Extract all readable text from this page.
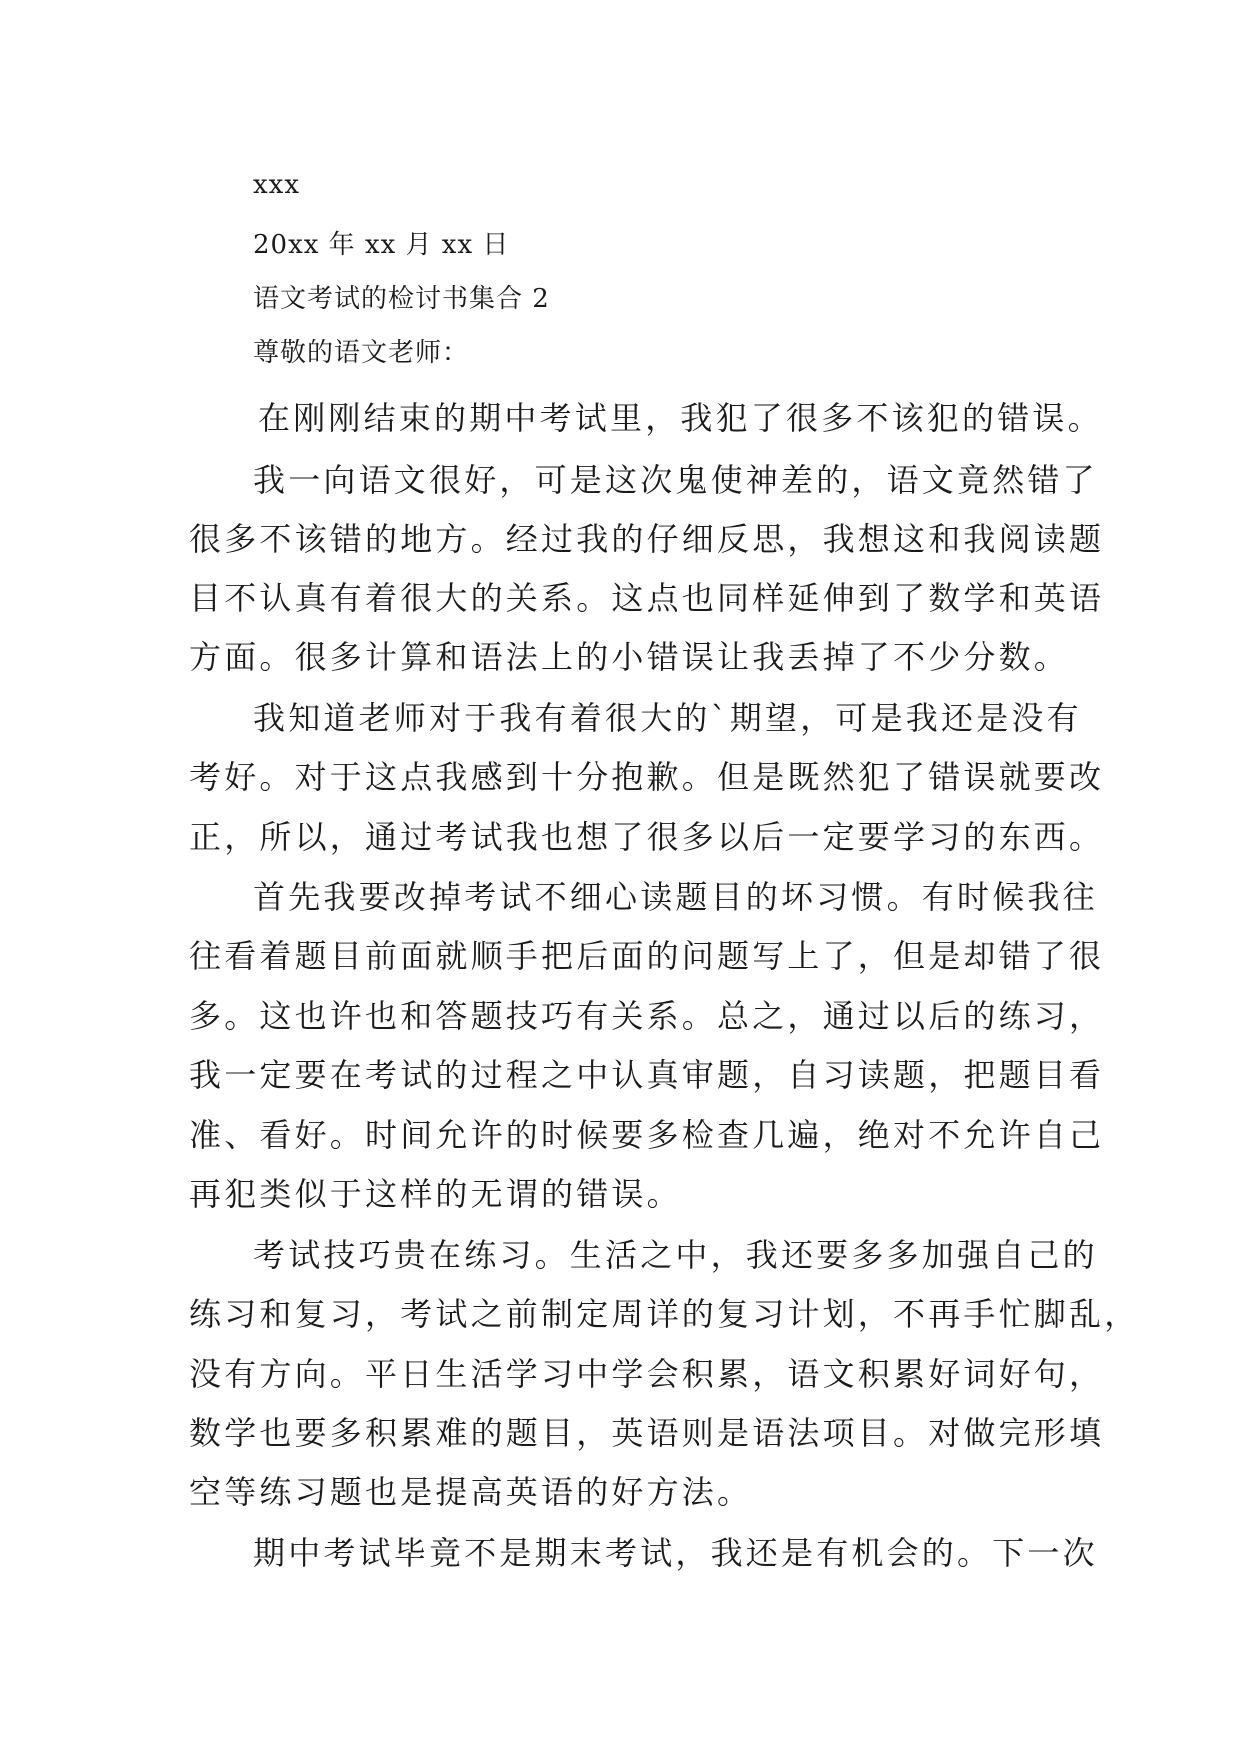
xxx

20xx 年 xx 月 xx 日

语文考试的检讨书集合 2

尊敬的语文老师：

在刚刚结束的期中考试里，我犯了很多不该犯的错误。

我一向语文很好，可是这次鬼使神差的，语文竟然错了

很多不该错的地方。经过我的仔细反思，我想这和我阅读题

目不认真有着很大的关系。这点也同样延伸到了数学和英语

方面。很多计算和语法上的小错误让我丢掉了不少分数。

我知道老师对于我有着很大的`期望，可是我还是没有

考好。对于这点我感到十分抱歉。但是既然犯了错误就要改

正，所以，通过考试我也想了很多以后一定要学习的东西。

首先我要改掉考试不细心读题目的坏习惯。有时候我往

往看着题目前面就顺手把后面的问题写上了，但是却错了很

多。这也许也和答题技巧有关系。总之，通过以后的练习，

我一定要在考试的过程之中认真审题，自习读题，把题目看

准、看好。时间允许的时候要多检查几遍，绝对不允许自己

再犯类似于这样的无谓的错误。

考试技巧贵在练习。生活之中，我还要多多加强自己的

练习和复习，考试之前制定周详的复习计划，不再手忙脚乱，

没有方向。平日生活学习中学会积累，语文积累好词好句，

数学也要多积累难的题目，英语则是语法项目。对做完形填

空等练习题也是提高英语的好方法。

期中考试毕竟不是期末考试，我还是有机会的。下一次
